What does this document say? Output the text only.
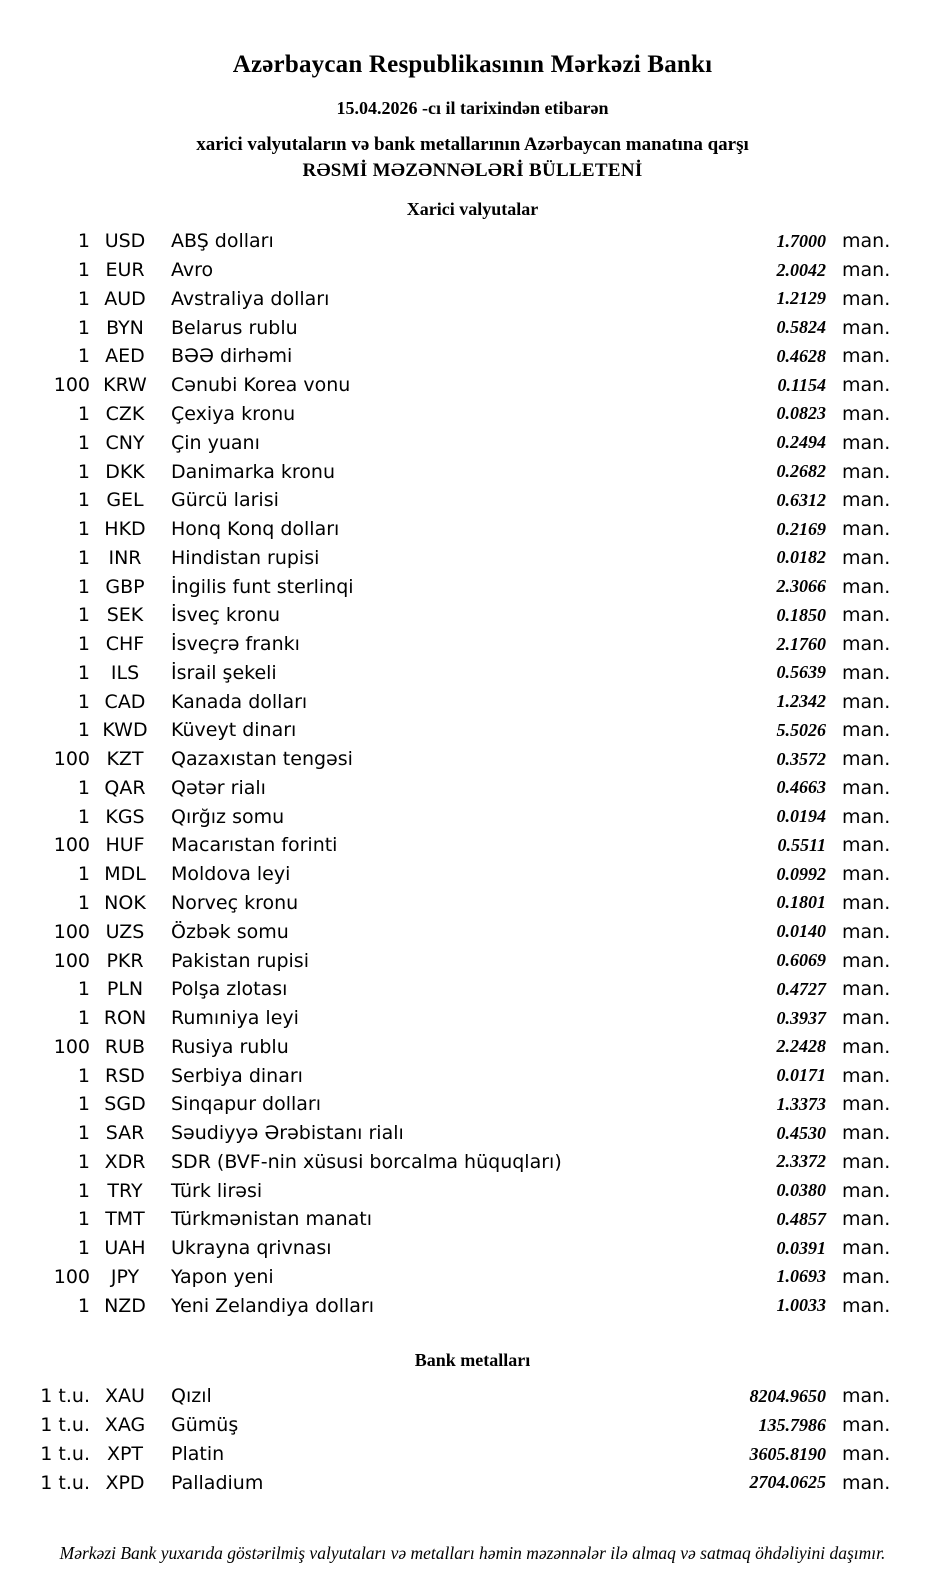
Azərbaycan Respublikasının Mərkəzi Bankı
15.04.2026 -cı il tarixindən etibarən
xarici valyutaların və bank metallarının Azərbaycan manatına qarşı
RƏSMİ MƏZƏNNƏLƏRİ BÜLLETENİ
Xarici valyutalar
1 USD	ABŞ dolları	1.7000 man.
1 EUR	Avro	2.0042 man.
1 AUD	Avstraliya dolları	1.2129 man.
1 BYN	Belarus rublu	0.5824 man.
1 AED	BƏƏ dirhəmi	0.4628 man.
100 KRW	Cənubi Korea vonu	0.1154 man.
1 CZK	Çexiya kronu	0.0823 man.
1 CNY	Çin yuanı	0.2494 man.
1 DKK	Danimarka kronu	0.2682 man.
1 GEL	Gürcü larisi	0.6312 man.
1 HKD	Honq Konq dolları	0.2169 man.
1 INR	Hindistan rupisi	0.0182 man.
1 GBP	İngilis funt sterlinqi	2.3066 man.
1 SEK	İsveç kronu	0.1850 man.
1 CHF	İsveçrə frankı	2.1760 man.
1	ILS	İsrail şekeli	0.5639 man.
1 CAD	Kanada dolları	1.2342 man.
1 KWD	Küveyt dinarı	5.5026 man.
100 KZT	Qazaxıstan tengəsi	0.3572 man.
1 QAR	Qətər rialı	0.4663 man.
1 KGS	Qırğız somu	0.0194 man.
100 HUF	Macarıstan forinti	0.5511 man.
1 MDL	Moldova leyi	0.0992 man.
1 NOK	Norveç kronu	0.1801 man.
100 UZS	Özbək somu	0.0140 man.
100 PKR	Pakistan rupisi	0.6069 man.
1 PLN	Polşa zlotası	0.4727 man.
1 RON	Rumıniya leyi	0.3937 man.
100 RUB	Rusiya rublu	2.2428 man.
1 RSD	Serbiya dinarı	0.0171 man.
1 SGD	Sinqapur dolları	1.3373 man.
1 SAR	Səudiyyə Ərəbistanı rialı	0.4530 man.
1 XDR	SDR (BVF-nin xüsusi borcalma hüquqları)	2.3372 man.
1 TRY	Türk lirəsi	0.0380 man.
1 TMT	Türkmənistan manatı	0.4857 man.
1 UAH	Ukrayna qrivnası	0.0391 man.
100	JPY	Yapon yeni	1.0693 man.
1 NZD	Yeni Zelandiya dolları	1.0033 man.
Bank metalları
1 t.u. XAU	Qızıl	8204.9650 man.
1 t.u. XAG	Gümüş	135.7986 man.
1 t.u. XPT	Platin	3605.8190 man.
1 t.u. XPD	Palladium	2704.0625 man.
Mərkəzi Bank yuxarıda göstərilmiş valyutaları və metalları həmin məzənnələr ilə almaq və satmaq öhdəliyini daşımır.
